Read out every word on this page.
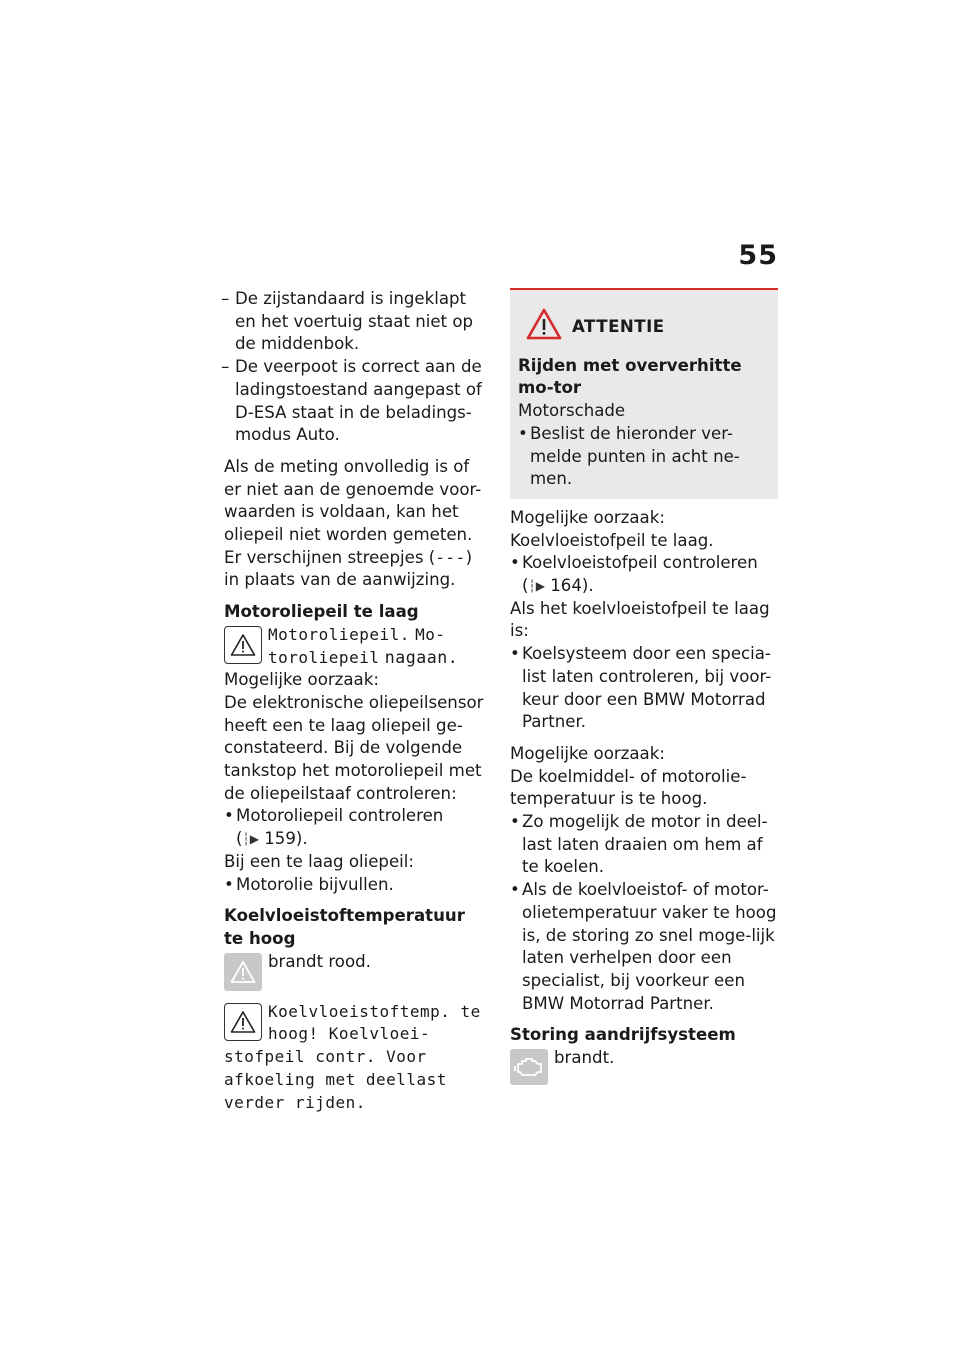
55

– De zijstandaard is ingeklapt en het voertuig staat niet op de middenbok.

– De veerpoot is correct aan de ladingstoestand aangepast of D-ESA staat in de beladings-modus Auto.

Als de meting onvolledig is of er niet aan de genoemde voor-waarden is voldaan, kan het oliepeil niet worden gemeten. Er verschijnen streepjes (---) in plaats van de aanwijzing.

Motoroliepeil te laag

Motoroliepeil. Mo-toroliepeil nagaan.

Mogelijke oorzaak:

De elektronische oliepeilsensor heeft een te laag oliepeil ge-constateerd. Bij de volgende tankstop het motoroliepeil met de oliepeilstaaf controleren:

• Motoroliepeil controleren
(┆▶ 159).

Bij een te laag oliepeil:

• Motorolie bijvullen.

Koelvloeistoftemperatuur te hoog

brandt rood.

Koelvloeistoftemp. te hoog! Koelvloei-stofpeil contr. Voor afkoeling met deellast verder rijden.

ATTENTIE

Rijden met oververhitte mo-tor

Motorschade

• Beslist de hieronder ver-melde punten in acht ne-men.

Mogelijke oorzaak:

Koelvloeistofpeil te laag.

• Koelvloeistofpeil controleren
(┆▶ 164).

Als het koelvloeistofpeil te laag is:

• Koelsysteem door een specia-list laten controleren, bij voor-keur door een BMW Motorrad Partner.

Mogelijke oorzaak:

De koelmiddel- of motorolie-temperatuur is te hoog.

• Zo mogelijk de motor in deel-last laten draaien om hem af te koelen.

• Als de koelvloeistof- of motor-olietemperatuur vaker te hoog is, de storing zo snel moge-lijk laten verhelpen door een specialist, bij voorkeur een BMW Motorrad Partner.

Storing aandrijfsysteem

brandt.
